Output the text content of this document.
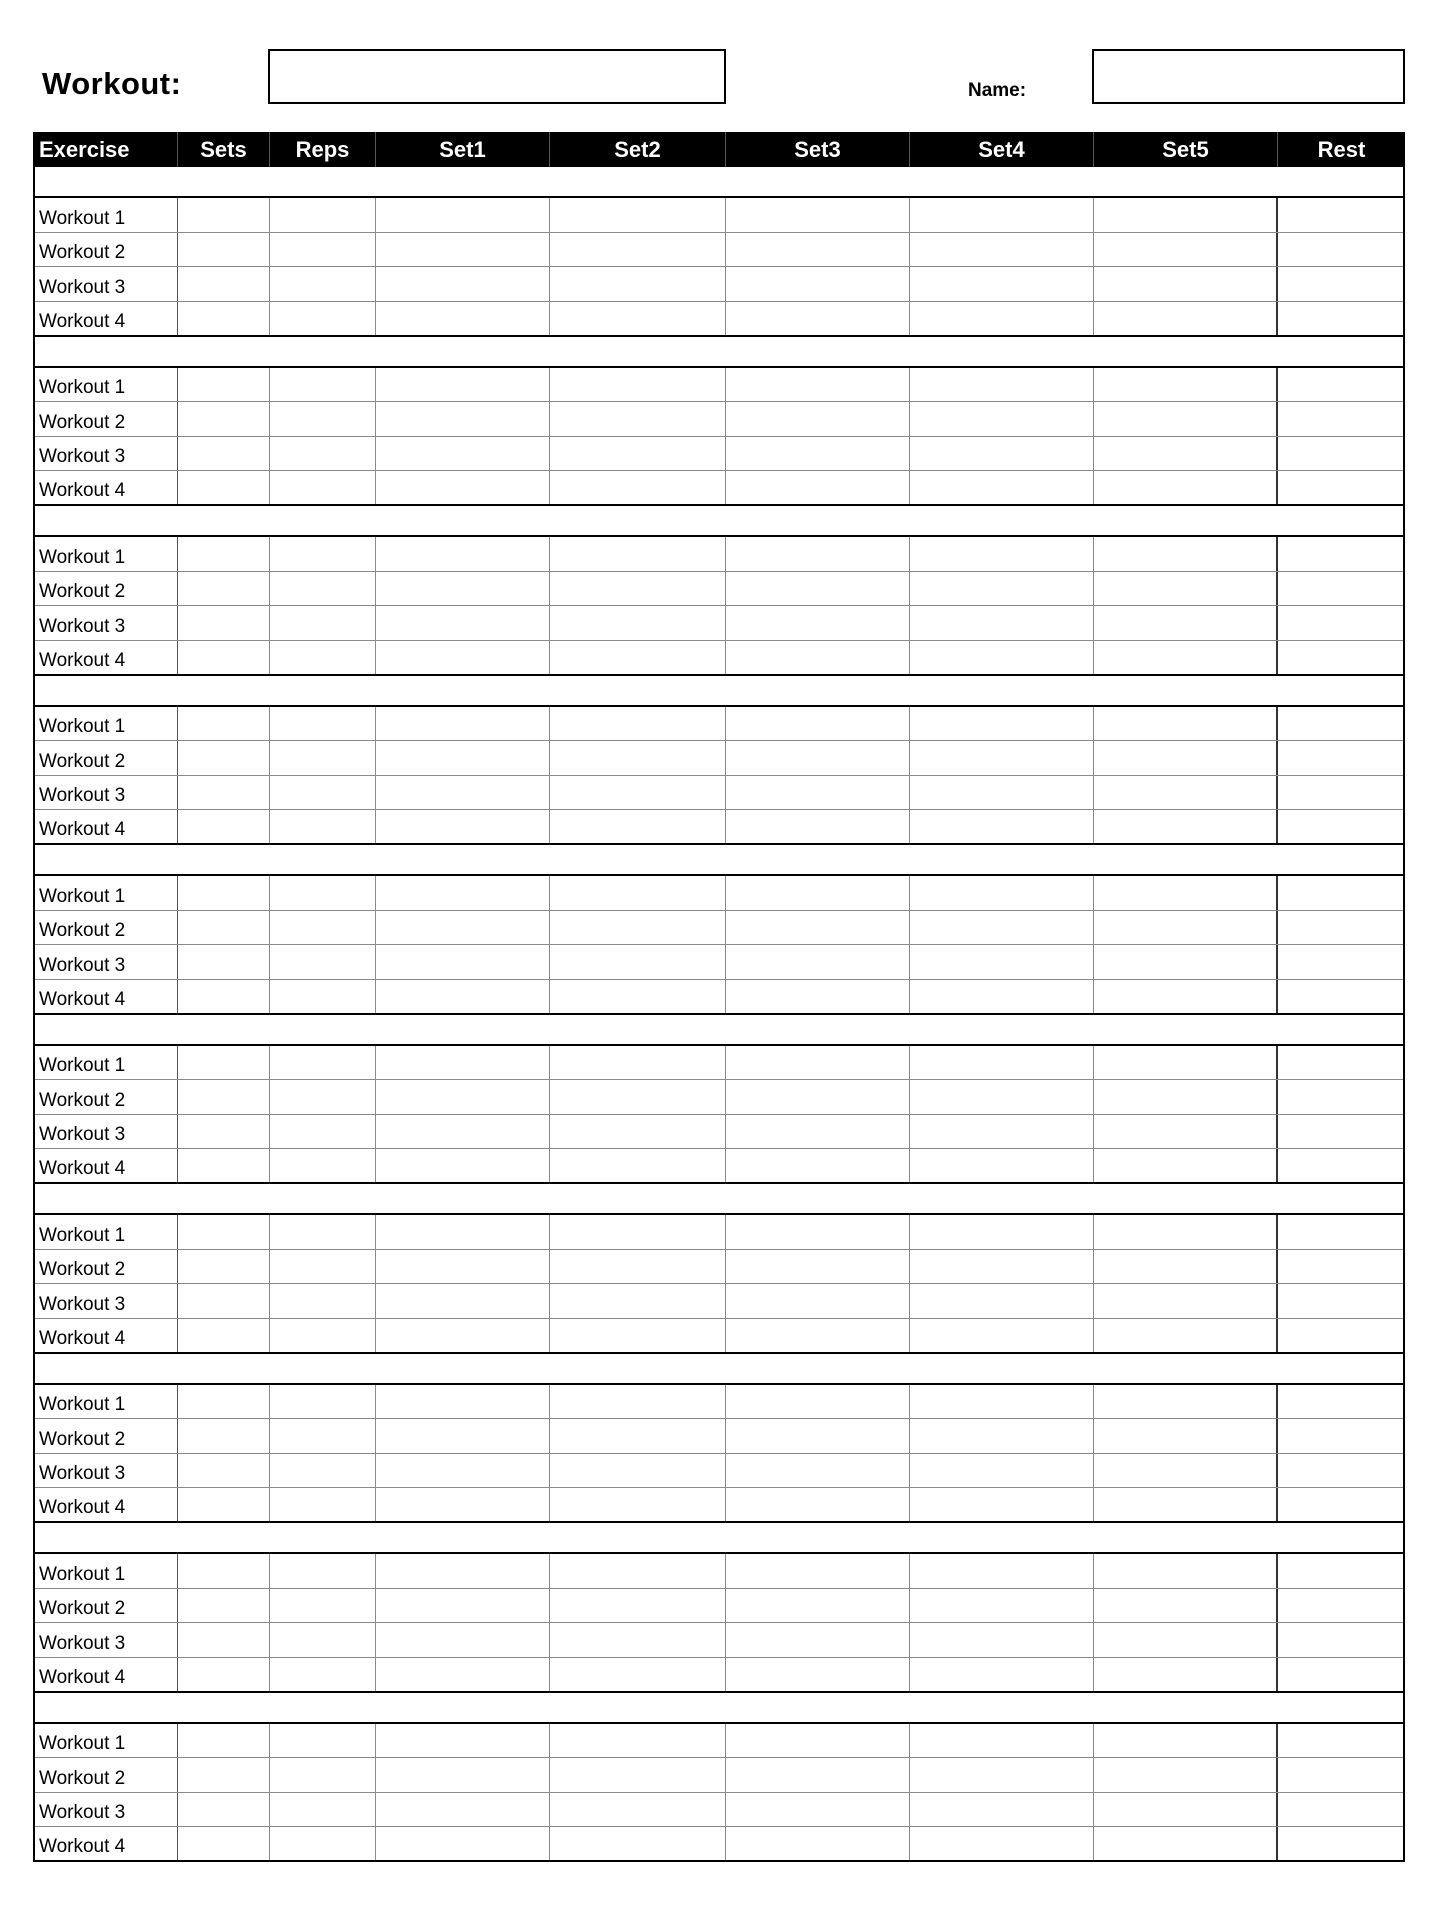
Workout:	Name:
Exercise	Sets	Reps	Set1	Set2	Set3	Set4	Set5	Rest
Workout 1
Workout 2
Workout 3
Workout 4
Workout 1
Workout 2
Workout 3
Workout 4
Workout 1
Workout 2
Workout 3
Workout 4
Workout 1
Workout 2
Workout 3
Workout 4
Workout 1
Workout 2
Workout 3
Workout 4
Workout 1
Workout 2
Workout 3
Workout 4
Workout 1
Workout 2
Workout 3
Workout 4
Workout 1
Workout 2
Workout 3
Workout 4
Workout 1
Workout 2
Workout 3
Workout 4
Workout 1
Workout 2
Workout 3
Workout 4
